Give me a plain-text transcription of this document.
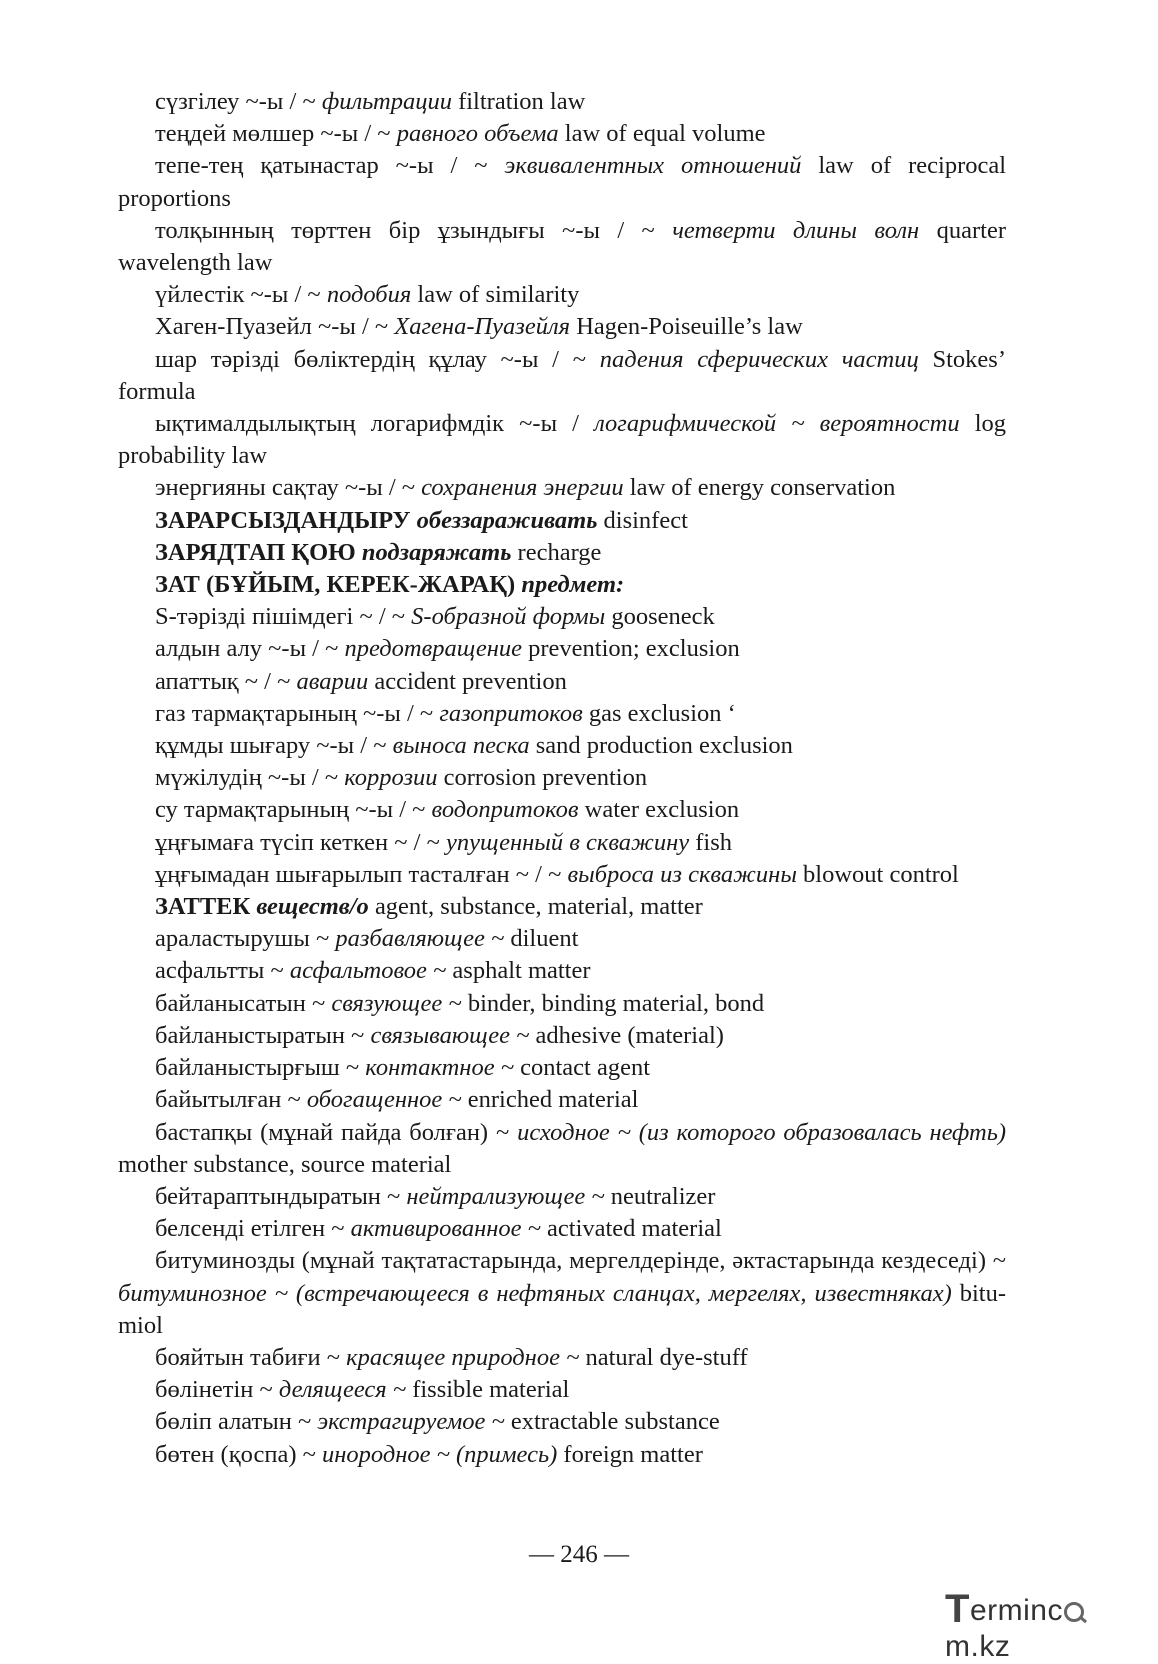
сүзгілеу ~-ы / ~ фильтрации filtration law

теңдей мөлшер ~-ы / ~ равного объема law of equal volume

тепе-тең қатынастар ~-ы / ~ эквивалентных отношений law of reciprocal proportions

толқынның төрттен бір ұзындығы ~-ы / ~ четверти длины волн quarter wavelength law

үйлестік ~-ы / ~ подобия law of similarity

Хаген-Пуазейл ~-ы / ~ Хагена-Пуазейля Hagen-Poiseuille’s law

шар тәрізді бөліктердің құлау ~-ы / ~ падения сферических частиц Stokes’ formula

ықтималдылықтың логарифмдік ~-ы / логарифмической ~ вероятности log probability law

энергияны сақтау ~-ы / ~ сохранения энергии law of energy conservation

ЗАРАРСЫЗДАНДЫРУ обеззараживать disinfect

ЗАРЯДТАП ҚОЮ подзаряжать recharge

ЗАТ (БҰЙЫМ, КЕРЕК-ЖАРАҚ) предмет:

S-тәрізді пішімдегі ~ / ~ S-образной формы gooseneck

алдын алу ~-ы / ~ предотвращение prevention; exclusion

апаттық ~ / ~ аварии accident prevention

газ тармақтарының ~-ы / ~ газопритоков gas exclusion ‘

құмды шығару ~-ы / ~ выноса песка sand production exclusion

мүжілудің ~-ы / ~ коррозии corrosion prevention

су тармақтарының ~-ы / ~ водопритоков water exclusion

ұңғымаға түсіп кеткен ~ / ~ упущенный в скважину fish

ұңғымадан шығарылып тасталған ~ / ~ выброса из скважины blowout control

ЗАТТЕК веществ/о agent, substance, material, matter

араластырушы ~ разбавляющее ~ diluent

асфальтты ~ асфальтовое ~ asphalt matter

байланысатын ~ связующее ~ binder, binding material, bond

байланыстыратын ~ связывающее ~ adhesive (material)

байланыстырғыш ~ контактное ~ contact agent

байытылған ~ обогащенное ~ enriched material

бастапқы (мұнай пайда болған) ~ исходное ~ (из которого образовалась нефть) mother substance, source material

бейтараптындыратын ~ нейтрализующее ~ neutralizer

белсенді етілген ~ активированное ~ activated material

битуминозды (мұнай тақтатастарында, мергелдерінде, әктастарында кездеседі) ~ битуминозное ~ (встречающееся в нефтяных сланцах, мергелях, известняках) bitu-miol

бояйтын табиғи ~ красящее природное ~ natural dye-stuff

бөлінетін ~ делящееся ~ fissible material

бөліп алатын ~ экстрагируемое ~ extractable substance

бөтен (қоспа) ~ инородное ~ (примесь) foreign matter

— 246 —
Termincm.kz
